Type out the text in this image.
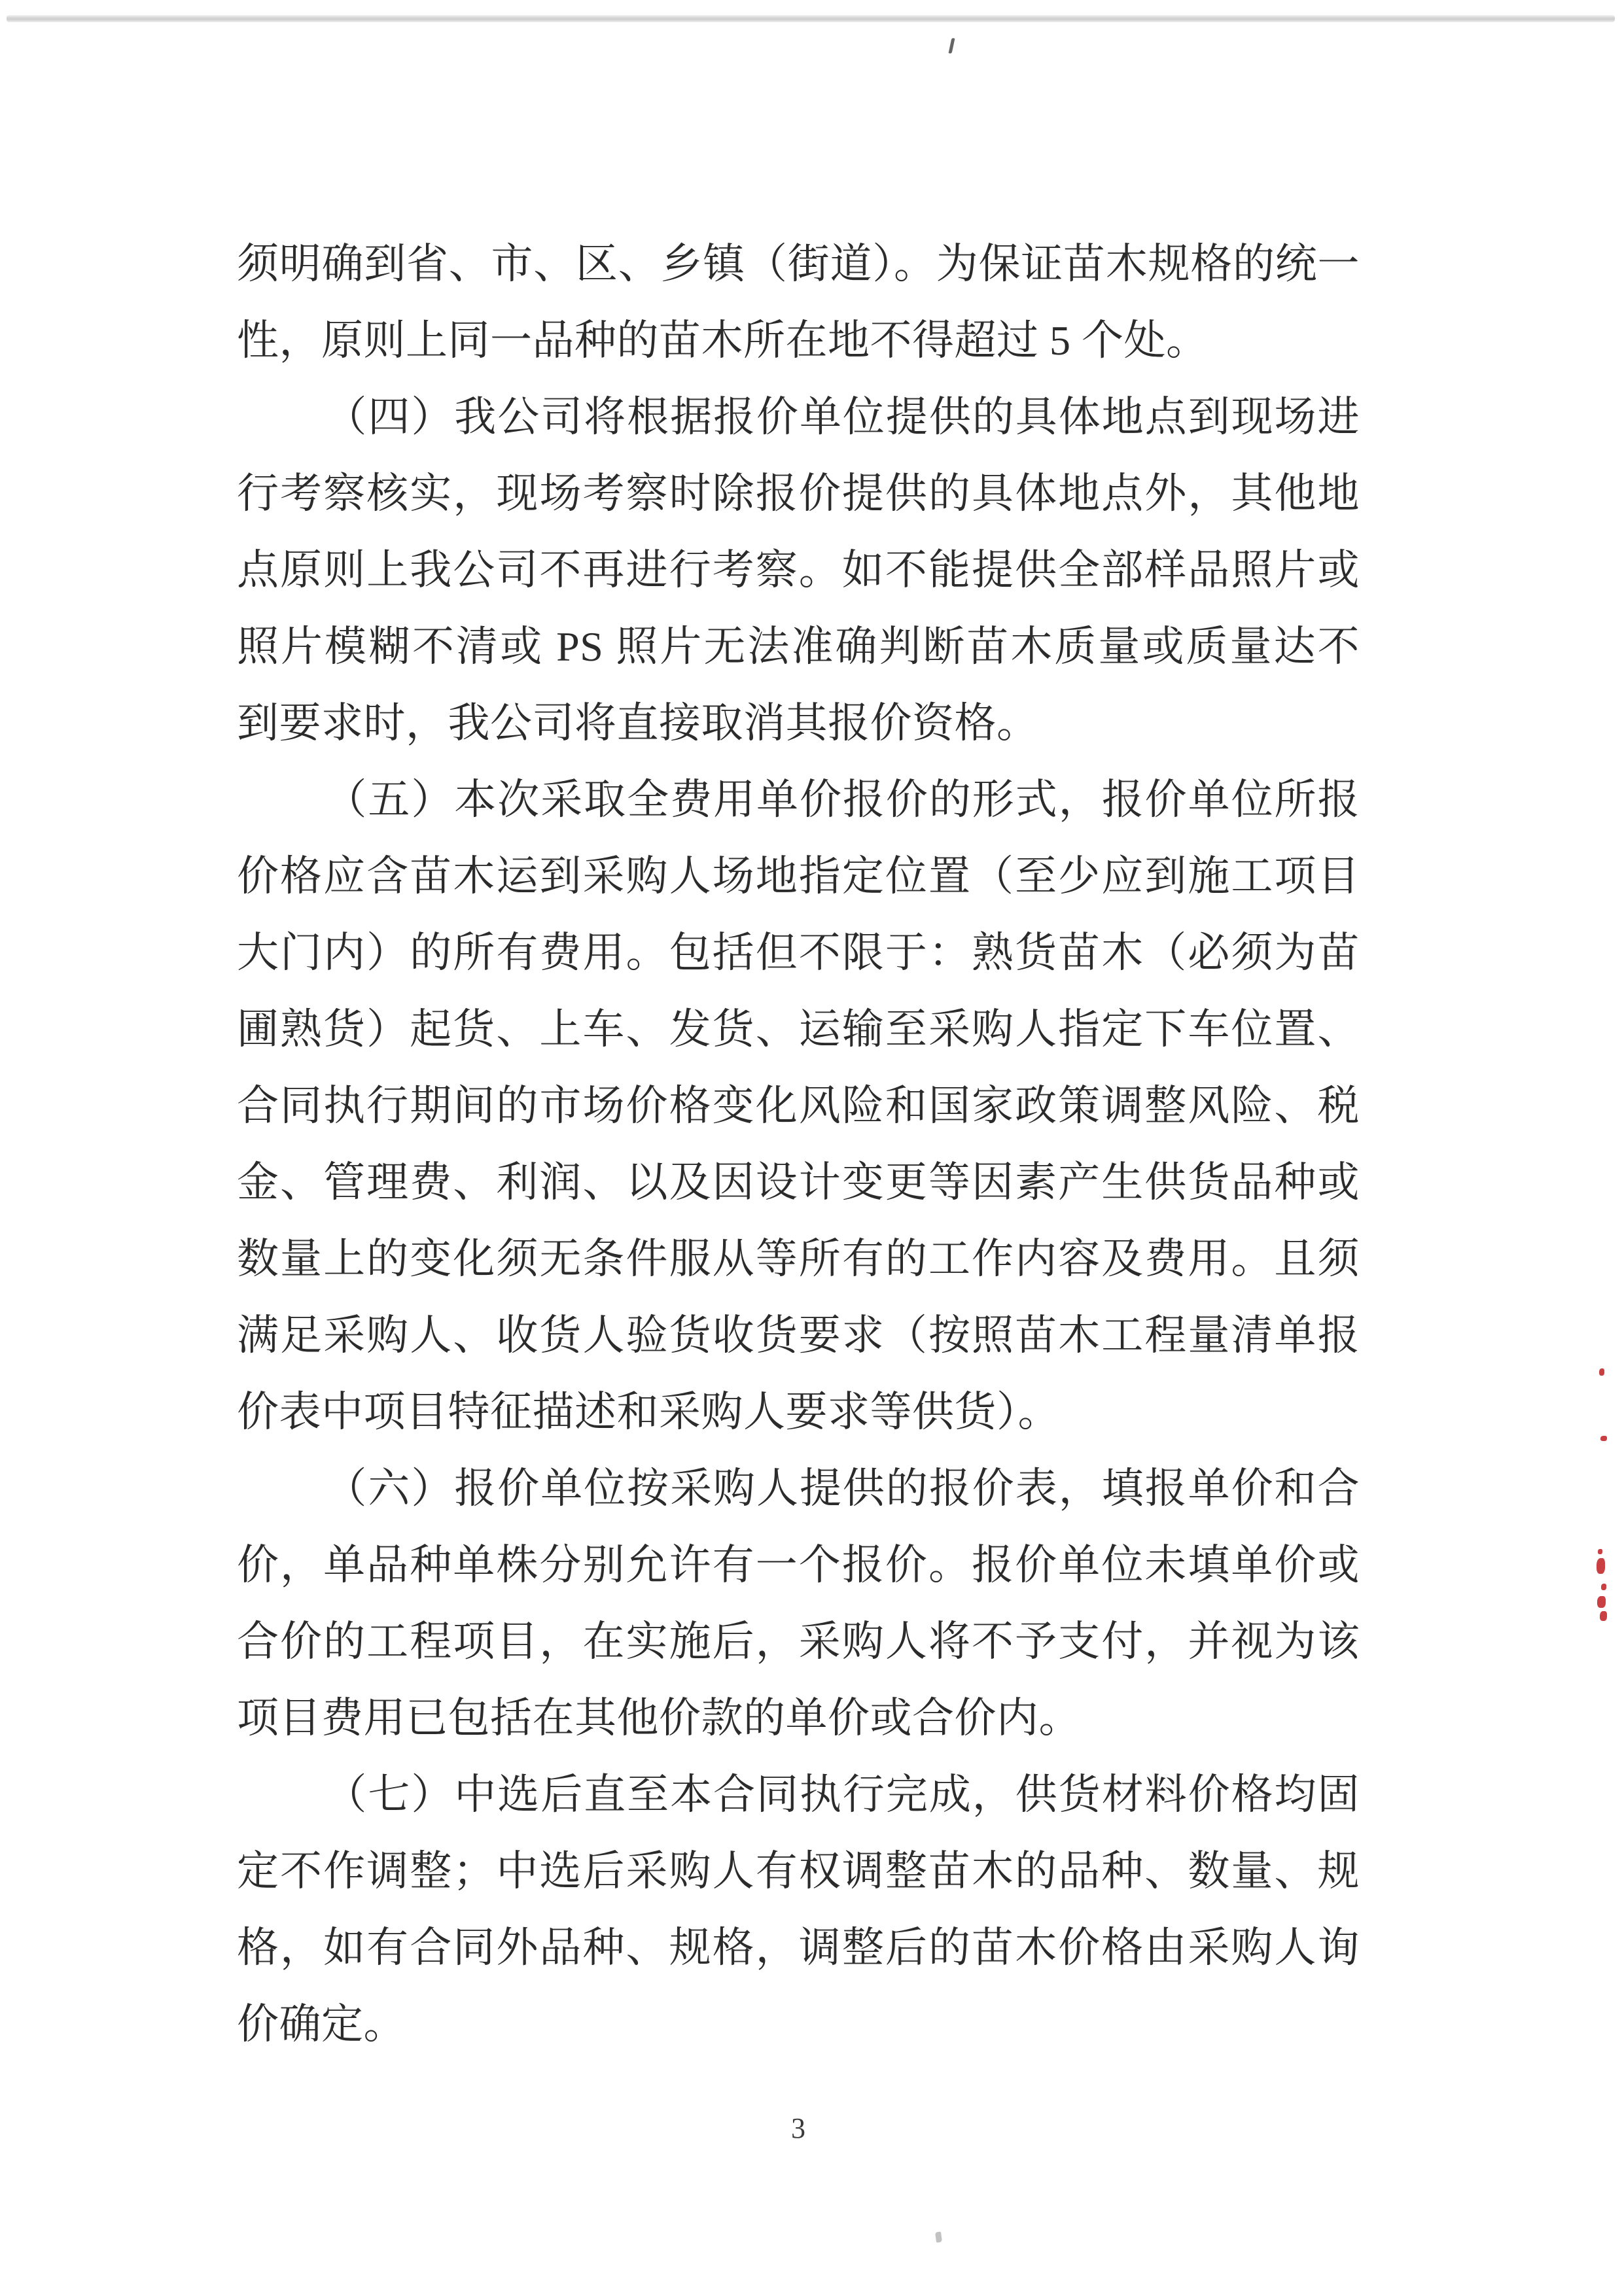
须明确到省、市、区、乡镇（街道）。为保证苗木规格的统一
性，原则上同一品种的苗木所在地不得超过 5 个处。
（四）我公司将根据报价单位提供的具体地点到现场进
行考察核实，现场考察时除报价提供的具体地点外，其他地
点原则上我公司不再进行考察。如不能提供全部样品照片或
照片模糊不清或 PS 照片无法准确判断苗木质量或质量达不
到要求时，我公司将直接取消其报价资格。
（五）本次采取全费用单价报价的形式，报价单位所报
价格应含苗木运到采购人场地指定位置（至少应到施工项目
大门内）的所有费用。包括但不限于：熟货苗木（必须为苗
圃熟货）起货、上车、发货、运输至采购人指定下车位置、
合同执行期间的市场价格变化风险和国家政策调整风险、税
金、管理费、利润、以及因设计变更等因素产生供货品种或
数量上的变化须无条件服从等所有的工作内容及费用。且须
满足采购人、收货人验货收货要求（按照苗木工程量清单报
价表中项目特征描述和采购人要求等供货）。
（六）报价单位按采购人提供的报价表，填报单价和合
价，单品种单株分别允许有一个报价。报价单位未填单价或
合价的工程项目，在实施后，采购人将不予支付，并视为该
项目费用已包括在其他价款的单价或合价内。
（七）中选后直至本合同执行完成，供货材料价格均固
定不作调整；中选后采购人有权调整苗木的品种、数量、规
格，如有合同外品种、规格，调整后的苗木价格由采购人询
价确定。
3
